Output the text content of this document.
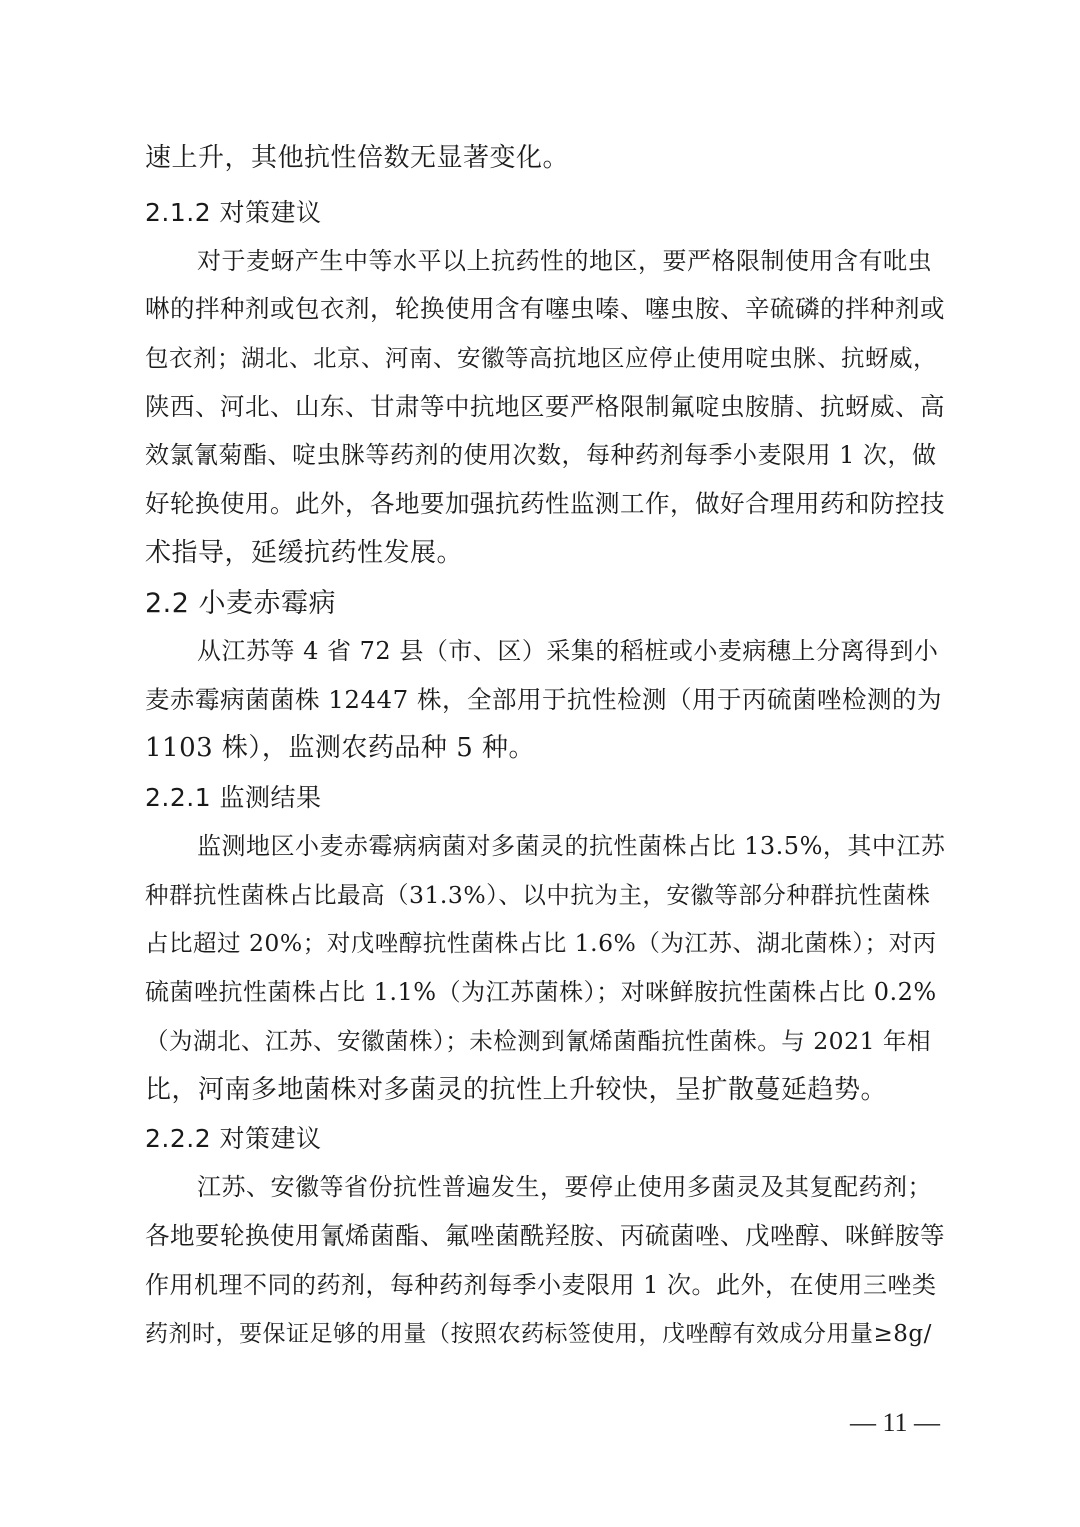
速上升，其他抗性倍数无显著变化。
2.1.2 对策建议
对于麦蚜产生中等水平以上抗药性的地区，要严格限制使用含有吡虫
啉的拌种剂或包衣剂，轮换使用含有噻虫嗪、噻虫胺、辛硫磷的拌种剂或
包衣剂；湖北、北京、河南、安徽等高抗地区应停止使用啶虫脒、抗蚜威，
陕西、河北、山东、甘肃等中抗地区要严格限制氟啶虫胺腈、抗蚜威、高
效氯氰菊酯、啶虫脒等药剂的使用次数，每种药剂每季小麦限用 1 次，做
好轮换使用。此外，各地要加强抗药性监测工作，做好合理用药和防控技
术指导，延缓抗药性发展。
2.2 小麦赤霉病
从江苏等 4 省 72 县（市、区）采集的稻桩或小麦病穗上分离得到小
麦赤霉病菌菌株 12447 株，全部用于抗性检测（用于丙硫菌唑检测的为
1103 株），监测农药品种 5 种。
2.2.1 监测结果
监测地区小麦赤霉病病菌对多菌灵的抗性菌株占比 13.5%，其中江苏
种群抗性菌株占比最高（31.3%）、以中抗为主，安徽等部分种群抗性菌株
占比超过 20%；对戊唑醇抗性菌株占比 1.6%（为江苏、湖北菌株）；对丙
硫菌唑抗性菌株占比 1.1%（为江苏菌株）；对咪鲜胺抗性菌株占比 0.2%
（为湖北、江苏、安徽菌株）；未检测到氰烯菌酯抗性菌株。与 2021 年相
比，河南多地菌株对多菌灵的抗性上升较快，呈扩散蔓延趋势。
2.2.2 对策建议
江苏、安徽等省份抗性普遍发生，要停止使用多菌灵及其复配药剂；
各地要轮换使用氰烯菌酯、氟唑菌酰羟胺、丙硫菌唑、戊唑醇、咪鲜胺等
作用机理不同的药剂，每种药剂每季小麦限用 1 次。此外，在使用三唑类
药剂时，要保证足够的用量（按照农药标签使用，戊唑醇有效成分用量≥8g/
— 11 —
